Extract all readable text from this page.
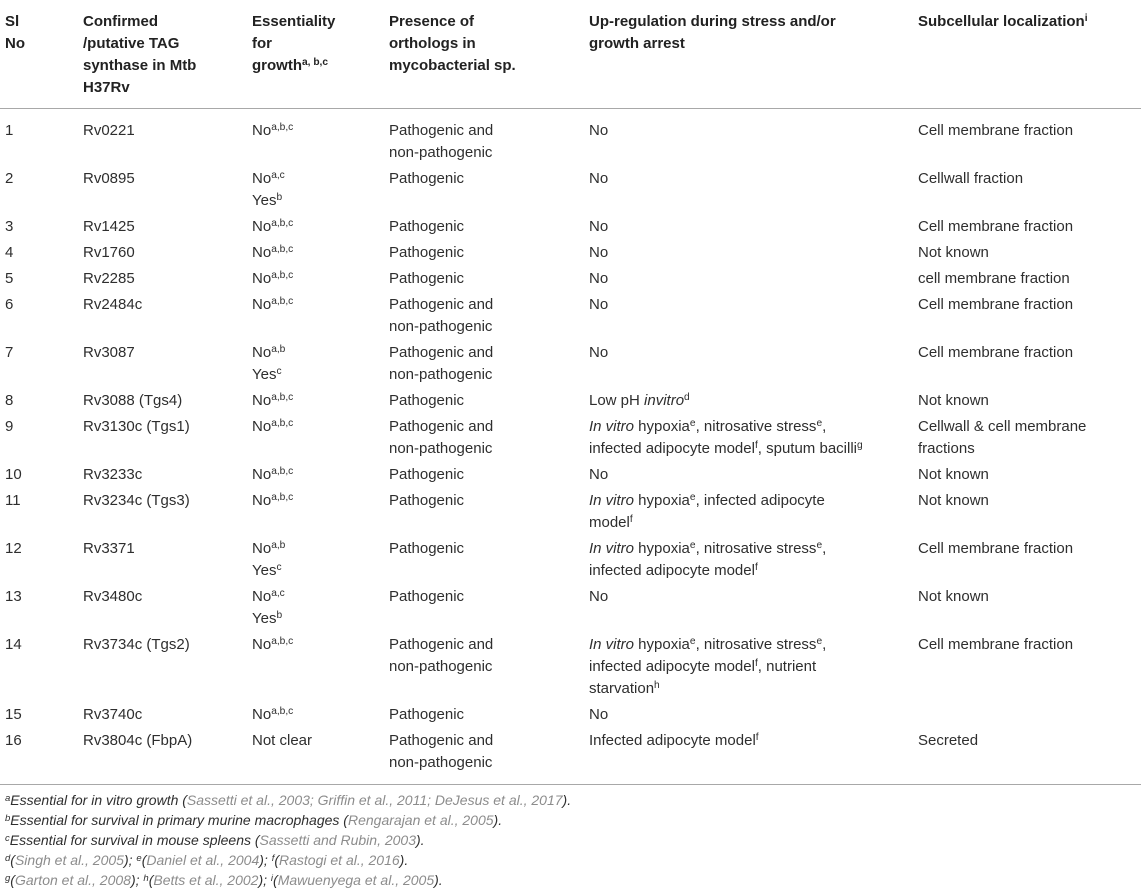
Sl
No	Confirmed
/putative TAG
synthase in Mtb
H37Rv	Essentiality
for
growth$^{a, b,c}$	Presence of
orthologs in
mycobacterial sp.	Up-regulation during stress and/or
growth arrest	Subcellular localization$^i$

1	Rv0221	No$^{a,b,c}$	Pathogenic and
non-pathogenic	No	Cell membrane fraction

2	Rv0895	No$^{a,c}$
Yes$^b$	Pathogenic	No	Cellwall fraction

3	Rv1425	No$^{a,b,c}$	Pathogenic	No	Cell membrane fraction

4	Rv1760	No$^{a,b,c}$	Pathogenic	No	Not known

5	Rv2285	No$^{a,b,c}$	Pathogenic	No	cell membrane fraction

6	Rv2484c	No$^{a,b,c}$	Pathogenic and
non-pathogenic	No	Cell membrane fraction

7	Rv3087	No$^{a,b}$
Yes$^c$	Pathogenic and
non-pathogenic	No	Cell membrane fraction

8	Rv3088 (Tgs4)	No$^{a,b,c}$	Pathogenic	Low pH invitro$^d$	Not known

9	Rv3130c (Tgs1)	No$^{a,b,c}$	Pathogenic and
non-pathogenic	In vitro hypoxia$^e$, nitrosative stress$^e$,
infected adipocyte model$^f$, sputum bacilli$^g$	Cellwall & cell membrane
fractions

10	Rv3233c	No$^{a,b,c}$	Pathogenic	No	Not known

11	Rv3234c (Tgs3)	No$^{a,b,c}$	Pathogenic	In vitro hypoxia$^e$, infected adipocyte
model$^f$	Not known

12	Rv3371	No$^{a,b}$
Yes$^c$	Pathogenic	In vitro hypoxia$^e$, nitrosative stress$^e$,
infected adipocyte model$^f$	Cell membrane fraction

13	Rv3480c	No$^{a,c}$
Yes$^b$	Pathogenic	No	Not known

14	Rv3734c (Tgs2)	No$^{a,b,c}$	Pathogenic and
non-pathogenic	In vitro hypoxia$^e$, nitrosative stress$^e$,
infected adipocyte model$^f$, nutrient
starvation$^h$	Cell membrane fraction

15	Rv3740c	No$^{a,b,c}$	Pathogenic	No	

16	Rv3804c (FbpA)	Not clear	Pathogenic and
non-pathogenic	Infected adipocyte model$^f$	Secreted
$^a$Essential for in vitro growth (Sassetti et al., 2003; Griffin et al., 2011; DeJesus et al., 2017).
$^b$Essential for survival in primary murine macrophages (Rengarajan et al., 2005).
$^c$Essential for survival in mouse spleens (Sassetti and Rubin, 2003).
$^d$(Singh et al., 2005); $^e$(Daniel et al., 2004); $^f$(Rastogi et al., 2016).
$^g$(Garton et al., 2008); $^h$(Betts et al., 2002); $^i$(Mawuenyega et al., 2005).
